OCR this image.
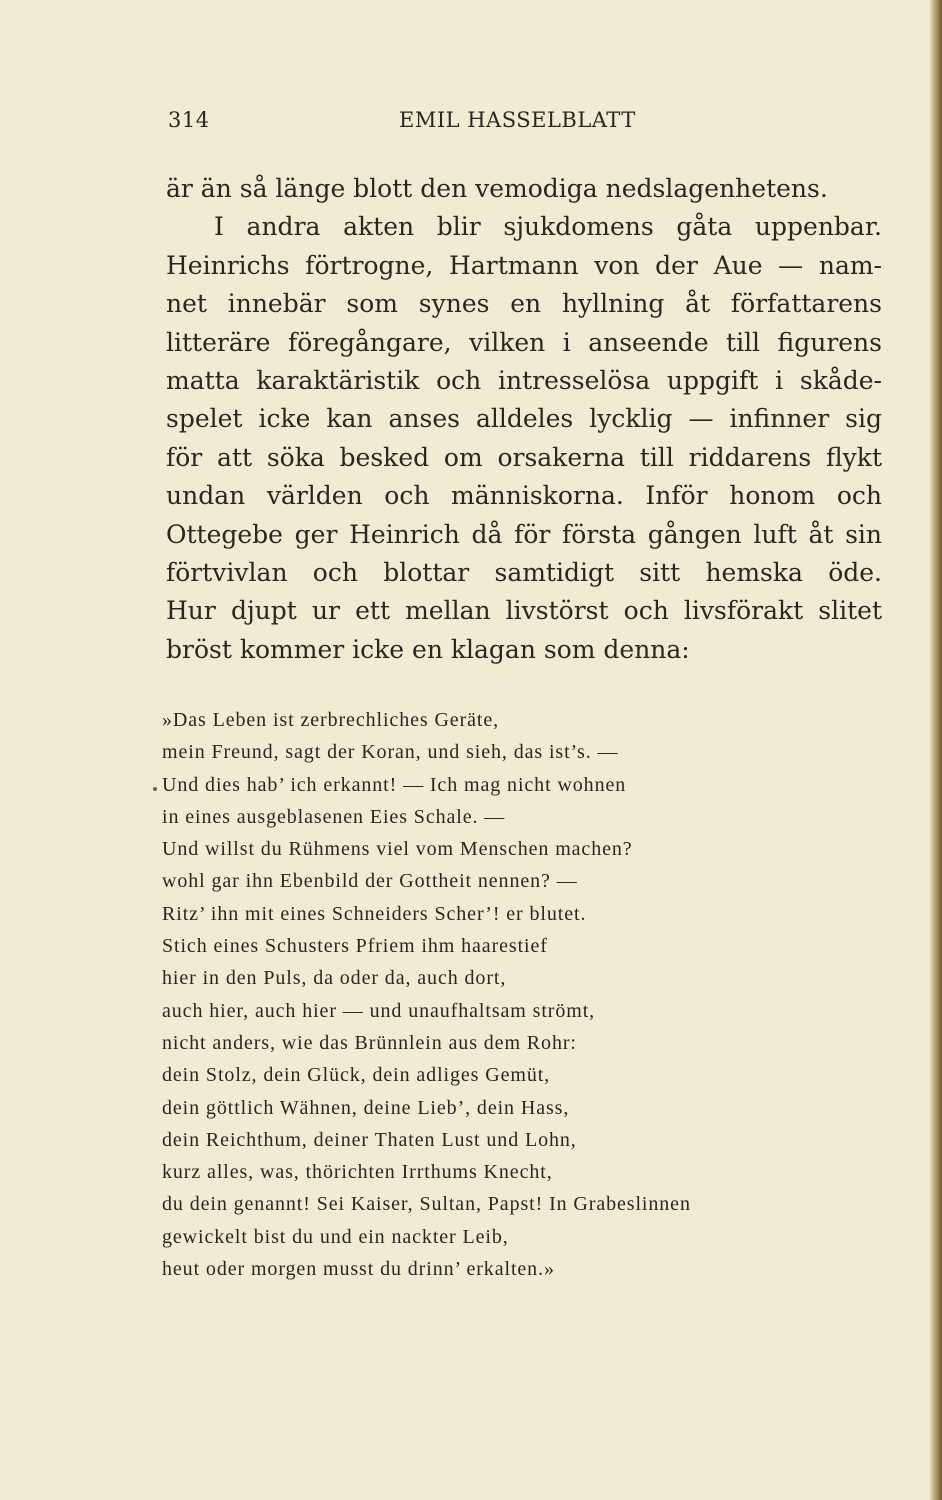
314	EMIL HASSELBLATT
är än så länge blott den vemodiga nedslagenhetens.
I andra akten blir sjukdomens gåta uppenbar.
Heinrichs förtrogne, Hartmann von der Aue — nam-
net innebär som synes en hyllning åt författarens
litteräre föregångare, vilken i anseende till figurens
matta karaktäristik och intresselösa uppgift i skåde-
spelet icke kan anses alldeles lycklig — infinner sig
för att söka besked om orsakerna till riddarens flykt
undan världen och människorna. Inför honom och
Ottegebe ger Heinrich då för första gången luft åt sin
förtvivlan och blottar samtidigt sitt hemska öde.
Hur djupt ur ett mellan livstörst och livsförakt slitet
bröst kommer icke en klagan som denna:
»Das Leben ist zerbrechliches Geräte,
mein Freund, sagt der Koran, und sieh, das ist’s. —
Und dies hab’ ich erkannt! — Ich mag nicht wohnen
in eines ausgeblasenen Eies Schale. —
Und willst du Rühmens viel vom Menschen machen?
wohl gar ihn Ebenbild der Gottheit nennen? —
Ritz’ ihn mit eines Schneiders Scher’! er blutet.
Stich eines Schusters Pfriem ihm haarestief
hier in den Puls, da oder da, auch dort,
auch hier, auch hier — und unaufhaltsam strömt,
nicht anders, wie das Brünnlein aus dem Rohr:
dein Stolz, dein Glück, dein adliges Gemüt,
dein göttlich Wähnen, deine Lieb’, dein Hass,
dein Reichthum, deiner Thaten Lust und Lohn,
kurz alles, was, thörichten Irrthums Knecht,
du dein genannt! Sei Kaiser, Sultan, Papst! In Grabeslinnen
gewickelt bist du und ein nackter Leib,
heut oder morgen musst du drinn’ erkalten.»
